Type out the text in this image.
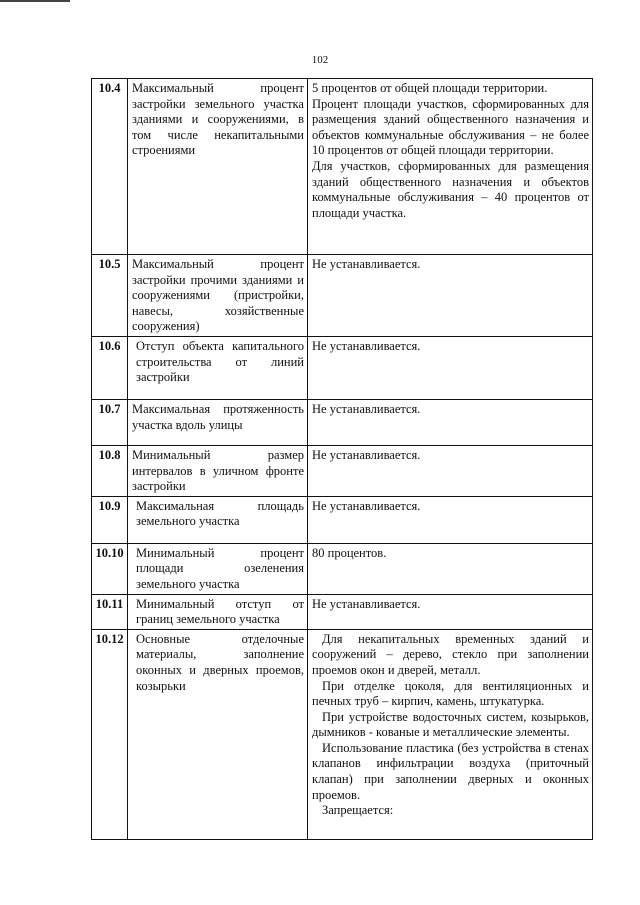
102
10.4	Максимальный процент застройки земельного участка зданиями и сооружениями, в том числе некапитальными строениями	5 процентов от общей площади территории.
Процент площади участков, сформированных для размещения зданий общественного назначения и объектов коммунальные обслуживания – не более 10 процентов от общей площади территории.
Для участков, сформированных для размещения зданий общественного назначения и объектов коммунальные обслуживания – 40 процентов от площади участка.

10.5	Максимальный процент застройки прочими зданиями и сооружениями (пристройки, навесы, хозяйственные сооружения)	Не устанавливается.

10.6	Отступ объекта капитального строительства от линий застройки	Не устанавливается.

10.7	Максимальная протяженность участка вдоль улицы	Не устанавливается.

10.8	Минимальный размер интервалов в уличном фронте застройки	Не устанавливается.

10.9	Максимальная площадь земельного участка	Не устанавливается.

10.10	Минимальный процент площади озеленения земельного участка	80 процентов.

10.11	Минимальный отступ от границ земельного участка	Не устанавливается.

10.12	Основные отделочные материалы, заполнение оконных и дверных проемов, козырьки	Для некапитальных временных зданий и сооружений – дерево, стекло при заполнении проемов окон и дверей, металл.
При отделке цоколя, для вентиляционных и печных труб – кирпич, камень, штукатурка.
При устройстве водосточных систем, козырьков, дымников - кованые и металлические элементы.
Использование пластика (без устройства в стенах клапанов инфильтрации воздуха (приточный клапан) при заполнении дверных и оконных проемов.
Запрещается:
